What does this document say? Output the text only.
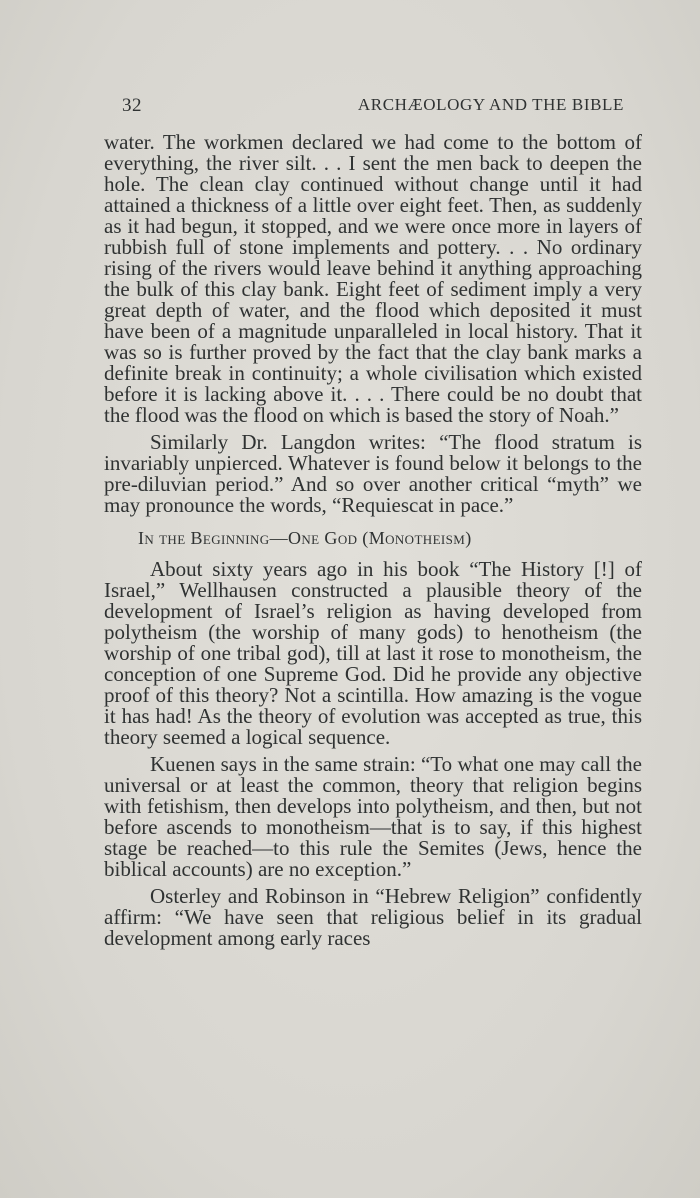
32	ARCHÆOLOGY AND THE BIBLE

water. The workmen declared we had come to the bottom of everything, the river silt. . . I sent the men back to deepen the hole. The clean clay continued without change until it had attained a thickness of a little over eight feet. Then, as suddenly as it had begun, it stopped, and we were once more in layers of rubbish full of stone implements and pottery. . . No ordinary rising of the rivers would leave behind it anything approaching the bulk of this clay bank. Eight feet of sediment imply a very great depth of water, and the flood which deposited it must have been of a magnitude unparalleled in local history. That it was so is further proved by the fact that the clay bank marks a definite break in continuity; a whole civilisation which existed before it is lacking above it. . . . There could be no doubt that the flood was the flood on which is based the story of Noah.”

Similarly Dr. Langdon writes: “The flood stratum is invariably unpierced. Whatever is found below it belongs to the pre-diluvian period.” And so over another critical “myth” we may pronounce the words, “Requiescat in pace.”

In the Beginning—One God (Monotheism)

About sixty years ago in his book “The History [!] of Israel,” Wellhausen constructed a plausible theory of the development of Israel’s religion as having developed from polytheism (the worship of many gods) to henotheism (the worship of one tribal god), till at last it rose to monotheism, the conception of one Supreme God. Did he provide any objective proof of this theory? Not a scintilla. How amazing is the vogue it has had! As the theory of evolution was accepted as true, this theory seemed a logical sequence.

Kuenen says in the same strain: “To what one may call the universal or at least the common, theory that religion begins with fetishism, then develops into polytheism, and then, but not before ascends to monotheism—that is to say, if this highest stage be reached—to this rule the Semites (Jews, hence the biblical accounts) are no exception.”

Osterley and Robinson in “Hebrew Religion” confidently affirm: “We have seen that religious belief in its gradual development among early races
